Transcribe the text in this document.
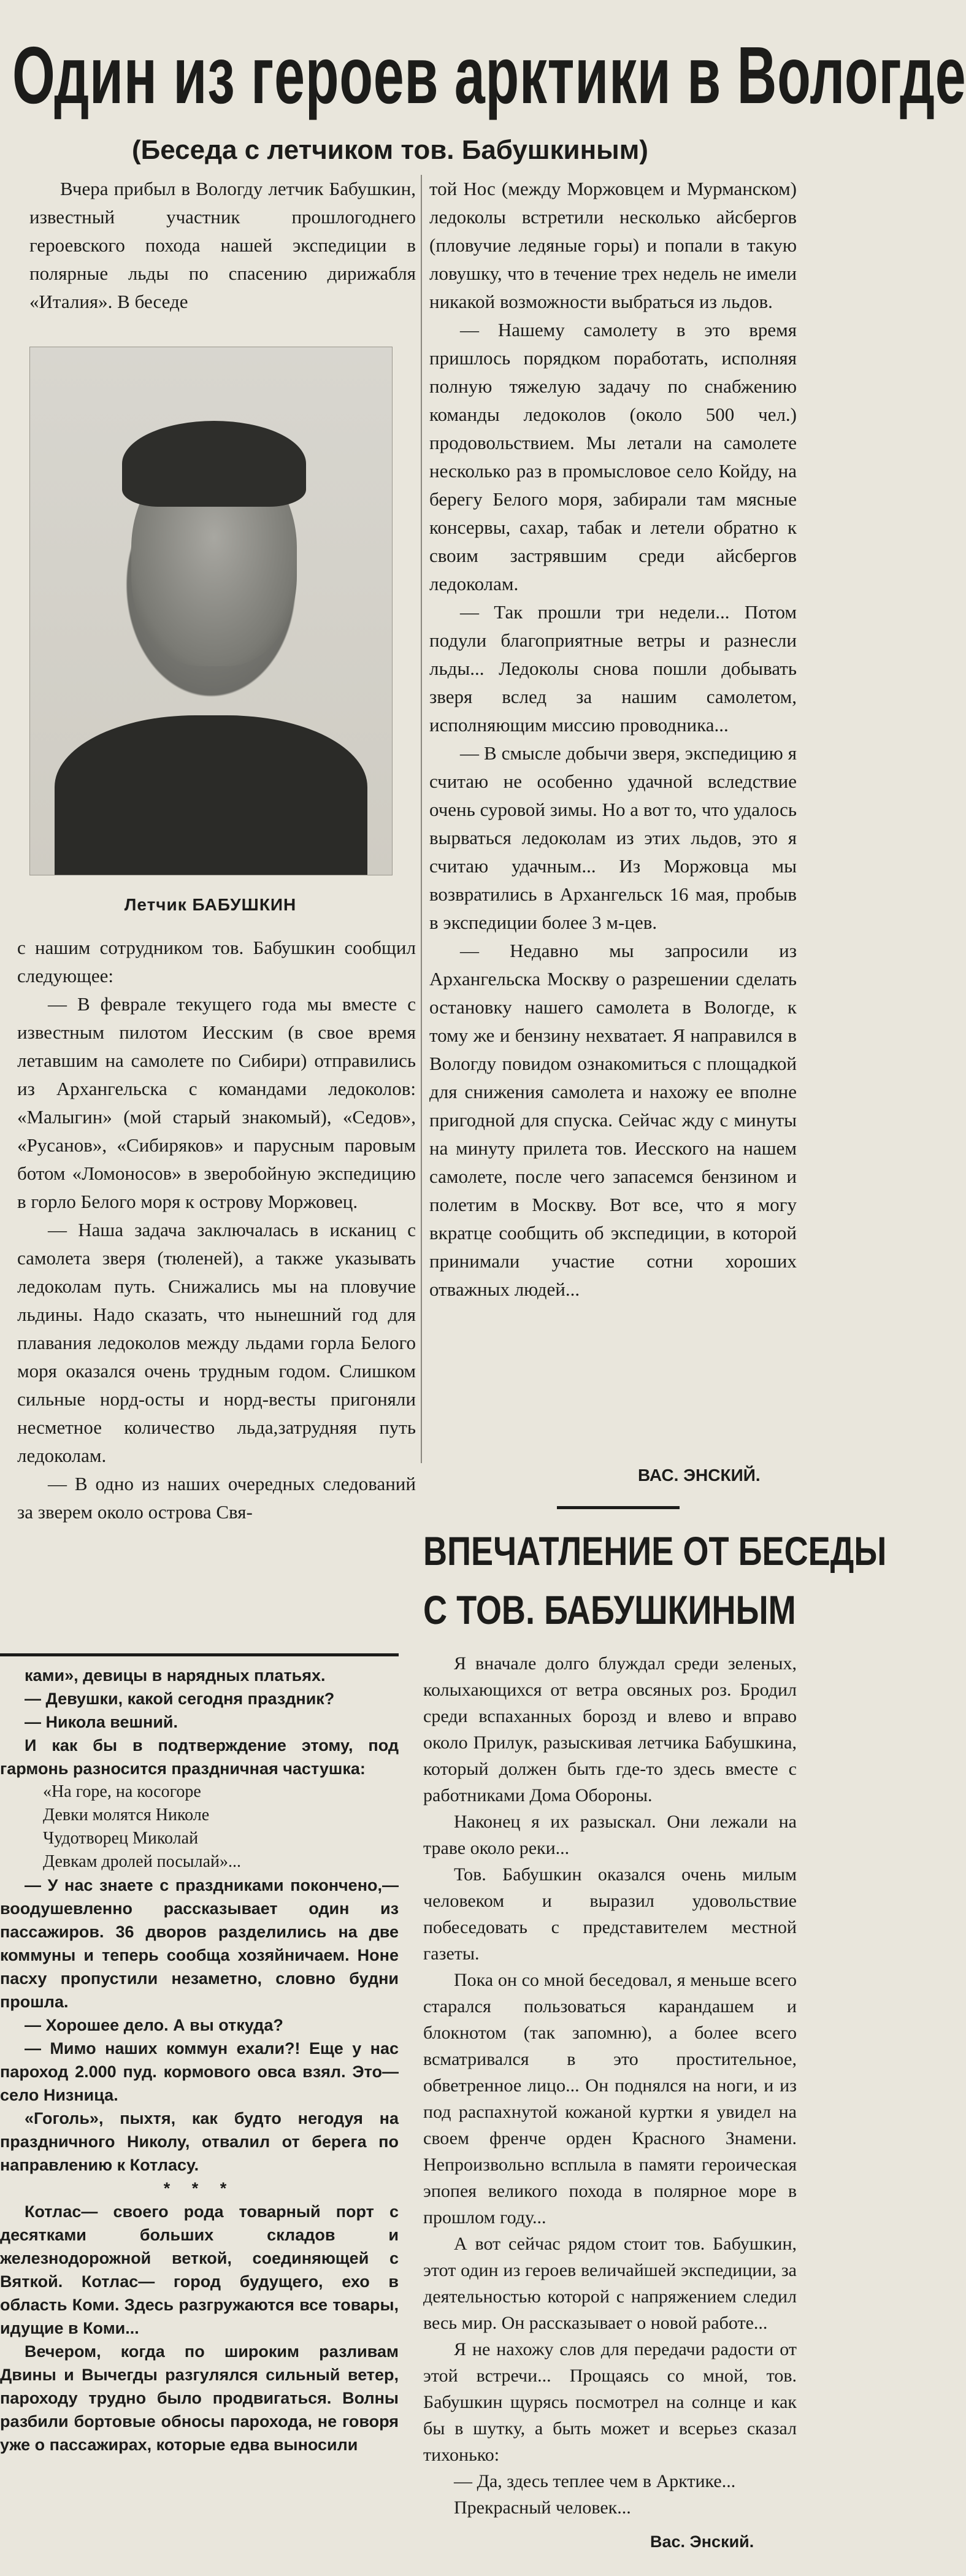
Один из героев арктики в Вологде
(Беседа с летчиком тов. Бабушкиным)

Вчера прибыл в Вологду летчик Бабушкин, известный участник прошлогоднего героевского похода нашей экспедиции в полярные льды по спасению дирижабля «Италия». В беседе

Летчик БАБУШКИН

с нашим сотрудником тов. Бабушкин сообщил следующее:

— В феврале текущего года мы вместе с известным пилотом Иесским (в свое время летавшим на самолете по Сибири) отправились из Архангельска с командами ледоколов: «Малыгин» (мой старый знакомый), «Седов», «Русанов», «Сибиряков» и парусным паровым ботом «Ломоносов» в зверобойную экспедицию в горло Белого моря к острову Моржовец.

— Наша задача заключалась в исканиц с самолета зверя (тюленей), а также указывать ледоколам путь. Снижались мы на пловучие льдины. Надо сказать, что нынешний год для плавания ледоколов между льдами горла Белого моря оказался очень трудным годом. Слишком сильные норд-осты и норд-весты пригоняли несметное количество льда,затрудняя путь ледоколам.

— В одно из наших очередных следований за зверем около острова Свя-

той Нос (между Моржовцем и Мурманском) ледоколы встретили несколько айсбергов (пловучие ледяные горы) и попали в такую ловушку, что в течение трех недель не имели никакой возможности выбраться из льдов.

— Нашему самолету в это время пришлось порядком поработать, исполняя полную тяжелую задачу по снабжению команды ледоколов (около 500 чел.) продовольствием. Мы летали на самолете несколько раз в промысловое село Койду, на берегу Белого моря, забирали там мясные консервы, сахар, табак и летели обратно к своим застрявшим среди айсбергов ледоколам.

— Так прошли три недели... Потом подули благоприятные ветры и разнесли льды... Ледоколы снова пошли добывать зверя вслед за нашим самолетом, исполняющим миссию проводника...

— В смысле добычи зверя, экспедицию я считаю не особенно удачной вследствие очень суровой зимы. Но а вот то, что удалось вырваться ледоколам из этих льдов, это я считаю удачным... Из Моржовца мы возвратились в Архангельск 16 мая, пробыв в экспедиции более 3 м-цев.

— Недавно мы запросили из Архангельска Москву о разрешении сделать остановку нашего самолета в Вологде, к тому же и бензину нехватает. Я направился в Вологду повидом ознакомиться с площадкой для снижения самолета и нахожу ее вполне пригодной для спуска. Сейчас жду с минуты на минуту прилета тов. Иесского на нашем самолете, после чего запасемся бензином и полетим в Москву. Вот все, что я могу вкратце сообщить об экспедиции, в которой принимали участие сотни хороших отважных людей...

ВАС. ЭНСКИЙ.
ВПЕЧАТЛЕНИЕ ОТ БЕСЕДЫ
С ТОВ. БАБУШКИНЫМ

Я вначале долго блуждал среди зеленых, колыхающихся от ветра овсяных роз. Бродил среди вспаханных борозд и влево и вправо около Прилук, разыскивая летчика Бабушкина, который должен быть где-то здесь вместе с работниками Дома Обороны.

Наконец я их разыскал. Они лежали на траве около реки...

Тов. Бабушкин оказался очень милым человеком и выразил удовольствие побеседовать с представителем местной газеты.

Пока он со мной беседовал, я меньше всего старался пользоваться карандашем и блокнотом (так запомню), а более всего всматривался в это простительное, обветренное лицо... Он поднялся на ноги, и из под распахнутой кожаной куртки я увидел на своем френче орден Красного Знамени. Непроизвольно всплыла в памяти героическая эпопея великого похода в полярное море в прошлом году...

А вот сейчас рядом стоит тов. Бабушкин, этот один из героев величайшей экспедиции, за деятельностью которой с напряжением следил весь мир. Он рассказывает о новой работе...

Я не нахожу слов для передачи радости от этой встречи... Прощаясь со мной, тов. Бабушкин щурясь посмотрел на солнце и как бы в шутку, а быть может и всерьез сказал тихонько:

— Да, здесь теплее чем в Арктике...

Прекрасный человек...

Вас. Энский.

ками», девицы в нарядных платьях.

— Девушки, какой сегодня праздник?

— Никола вешний.

И как бы в подтверждение этому, под гармонь разносится праздничная частушка:

«На горе, на косогоре

Девки молятся Николе

Чудотворец Миколай

Девкам дролей посылай»...

— У нас знаете с праздниками покончено,— воодушевленно рассказывает один из пассажиров. 36 дворов разделились на две коммуны и теперь сообща хозяйничаем. Ноне пасху пропустили незаметно, словно будни прошла.

— Хорошее дело. А вы откуда?

— Мимо наших коммун ехали?! Еще у нас пароход 2.000 пуд. кормового овса взял. Это— село Низница.

«Гоголь», пыхтя, как будто негодуя на праздничного Николу, отвалил от берега по направлению к Котласу.

* * *

Котлас— своего рода товарный порт с десятками больших складов и железнодорожной веткой, соединяющей с Вяткой. Котлас— город будущего, ехо в область Коми. Здесь разгружаются все товары, идущие в Коми...

Вечером, когда по широким разливам Двины и Вычегды разгулялся сильный ветер, пароходу трудно было продвигаться. Волны разбили бортовые обносы парохода, не говоря уже о пассажирах, которые едва выносили
